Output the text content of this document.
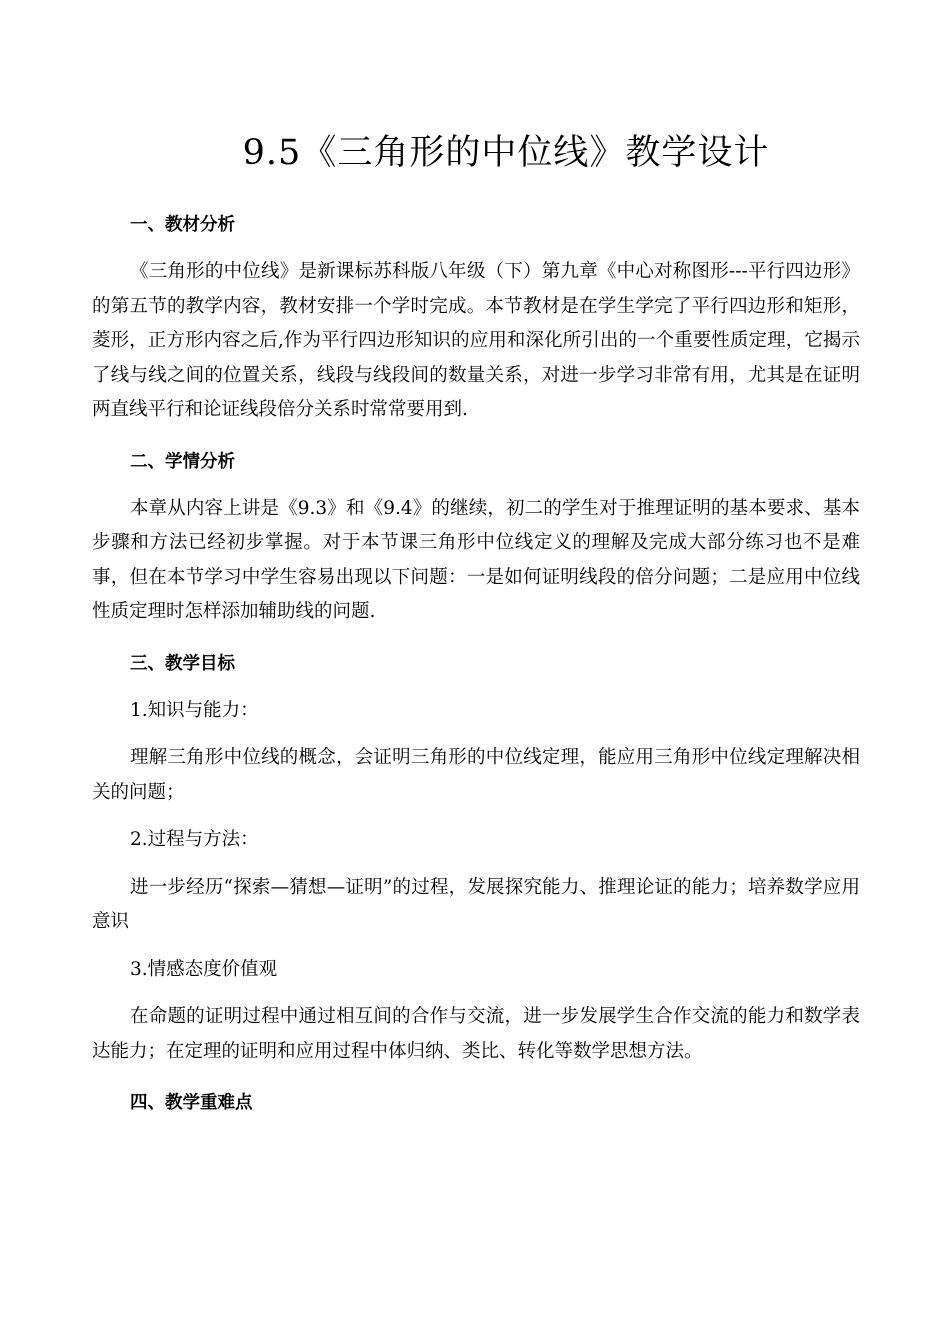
9.5《三角形的中位线》教学设计

一、教材分析

《三角形的中位线》是新课标苏科版八年级（下）第九章《中心对称图形---平行四边形》的第五节的教学内容，教材安排一个学时完成。本节教材是在学生学完了平行四边形和矩形，菱形，正方形内容之后,作为平行四边形知识的应用和深化所引出的一个重要性质定理，它揭示了线与线之间的位置关系，线段与线段间的数量关系，对进一步学习非常有用，尤其是在证明两直线平行和论证线段倍分关系时常常要用到.

二、学情分析

本章从内容上讲是《9.3》和《9.4》的继续，初二的学生对于推理证明的基本要求、基本步骤和方法已经初步掌握。对于本节课三角形中位线定义的理解及完成大部分练习也不是难事，但在本节学习中学生容易出现以下问题：一是如何证明线段的倍分问题；二是应用中位线性质定理时怎样添加辅助线的问题.

三、教学目标

1.知识与能力：

理解三角形中位线的概念，会证明三角形的中位线定理，能应用三角形中位线定理解决相关的问题；

2.过程与方法：

进一步经历“探索—猜想—证明”的过程，发展探究能力、推理论证的能力；培养数学应用意识

3.情感态度价值观

在命题的证明过程中通过相互间的合作与交流，进一步发展学生合作交流的能力和数学表达能力；在定理的证明和应用过程中体归纳、类比、转化等数学思想方法。

四、教学重难点
